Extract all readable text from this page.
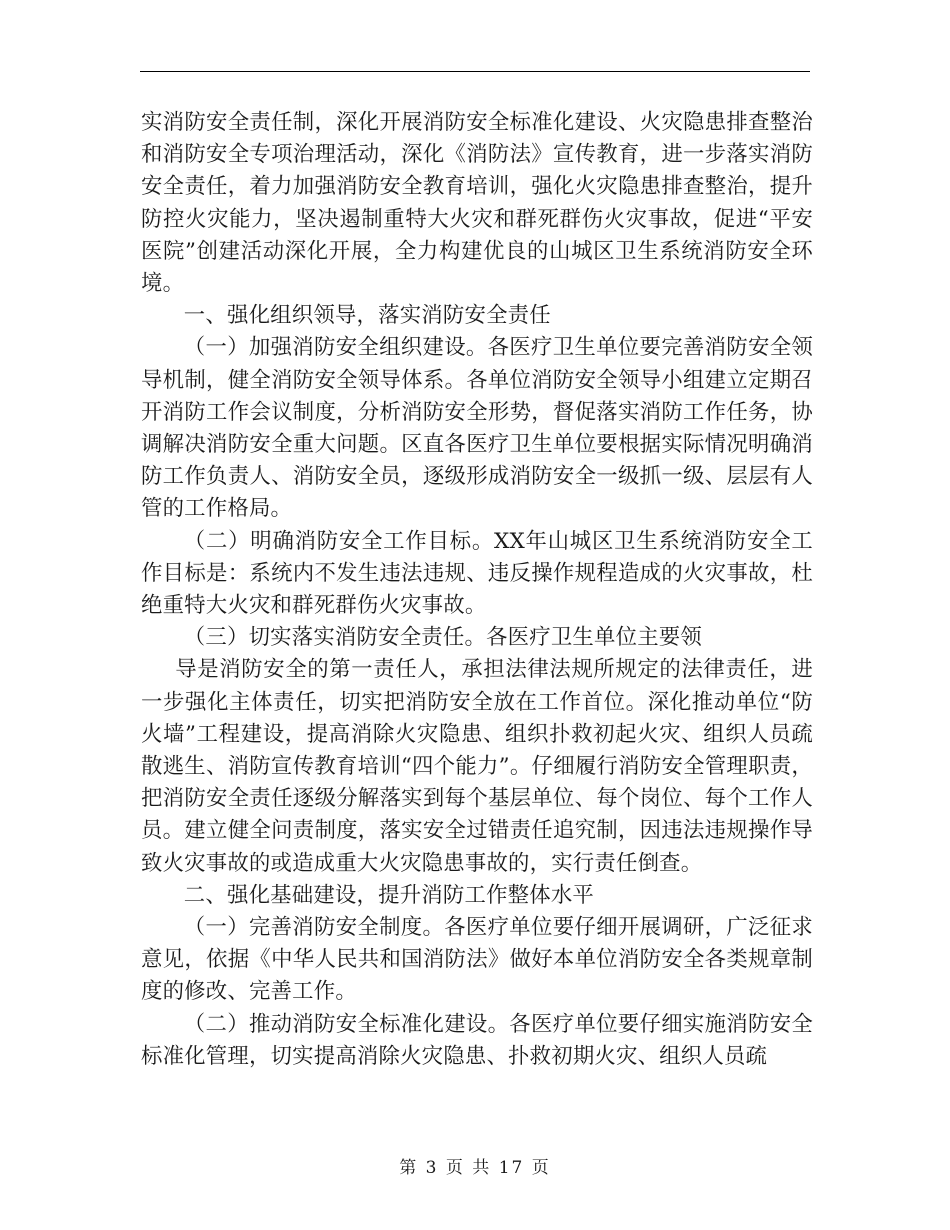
实消防安全责任制，深化开展消防安全标准化建设、火灾隐患排查整治和消防安全专项治理活动，深化《消防法》宣传教育，进一步落实消防安全责任，着力加强消防安全教育培训，强化火灾隐患排查整治，提升防控火灾能力，坚决遏制重特大火灾和群死群伤火灾事故，促进“平安医院”创建活动深化开展，全力构建优良的山城区卫生系统消防安全环境。

一、强化组织领导，落实消防安全责任

（一）加强消防安全组织建设。各医疗卫生单位要完善消防安全领导机制，健全消防安全领导体系。各单位消防安全领导小组建立定期召开消防工作会议制度，分析消防安全形势，督促落实消防工作任务，协调解决消防安全重大问题。区直各医疗卫生单位要根据实际情况明确消防工作负责人、消防安全员，逐级形成消防安全一级抓一级、层层有人管的工作格局。

（二）明确消防安全工作目标。XX年山城区卫生系统消防安全工作目标是：系统内不发生违法违规、违反操作规程造成的火灾事故，杜绝重特大火灾和群死群伤火灾事故。

（三）切实落实消防安全责任。各医疗卫生单位主要领

导是消防安全的第一责任人，承担法律法规所规定的法律责任，进一步强化主体责任，切实把消防安全放在工作首位。深化推动单位“防火墙”工程建设，提高消除火灾隐患、组织扑救初起火灾、组织人员疏散逃生、消防宣传教育培训“四个能力”。仔细履行消防安全管理职责，把消防安全责任逐级分解落实到每个基层单位、每个岗位、每个工作人员。建立健全问责制度，落实安全过错责任追究制，因违法违规操作导致火灾事故的或造成重大火灾隐患事故的，实行责任倒查。

二、强化基础建设，提升消防工作整体水平

（一）完善消防安全制度。各医疗单位要仔细开展调研，广泛征求意见，依据《中华人民共和国消防法》做好本单位消防安全各类规章制度的修改、完善工作。

（二）推动消防安全标准化建设。各医疗单位要仔细实施消防安全标准化管理，切实提高消除火灾隐患、扑救初期火灾、组织人员疏

第 3 页 共 17 页
